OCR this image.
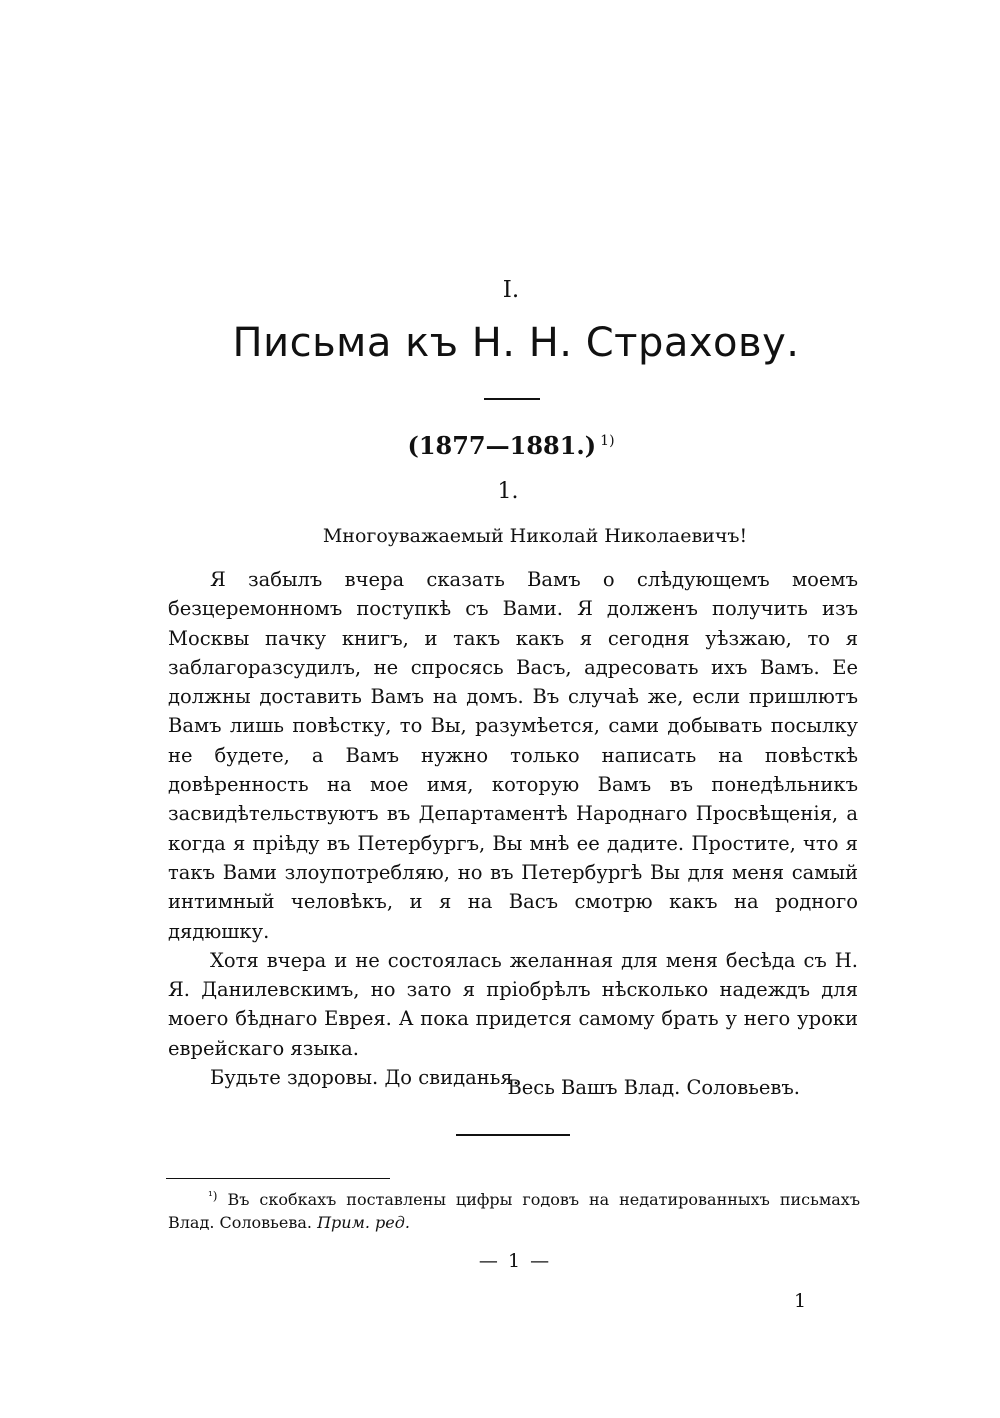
I.
Письма къ Н. Н. Страхову.
(1877—1881.) $^{1)}$
1.
Многоуважаемый Николай Николаевичъ!

Я забылъ вчера сказать Вамъ о слѣдующемъ моемъ безцеремонномъ поступкѣ съ Вами. Я долженъ получить изъ Москвы пачку книгъ, и такъ какъ я сегодня уѣзжаю, то я заблагоразсудилъ, не спросясь Васъ, адресовать ихъ Вамъ. Ее должны доставить Вамъ на домъ. Въ случаѣ же, если пришлютъ Вамъ лишь повѣстку, то Вы, разумѣется, сами добывать посылку не будете, а Вамъ нужно только написать на повѣсткѣ довѣренность на мое имя, которую Вамъ въ понедѣльникъ засвидѣтельствуютъ въ Департаментѣ Народнаго Просвѣщенія, а когда я пріѣду въ Петербургъ, Вы мнѣ ее дадите. Простите, что я такъ Вами злоупотребляю, но въ Петербургѣ Вы для меня самый интимный человѣкъ, и я на Васъ смотрю какъ на родного дядюшку.

Хотя вчера и не состоялась желанная для меня бесѣда съ Н. Я. Данилевскимъ, но зато я пріобрѣлъ нѣсколько надеждъ для моего бѣднаго Еврея. А пока придется самому брать у него уроки еврейскаго языка.

Будьте здоровы. До свиданья.

Весь Вашъ Влад. Соловьевъ.

$^{^1)}$ Въ скобкахъ поставлены цифры годовъ на недатированныхъ письмахъ Влад. Соловьева. Прим. ред.

— 1 —
1
